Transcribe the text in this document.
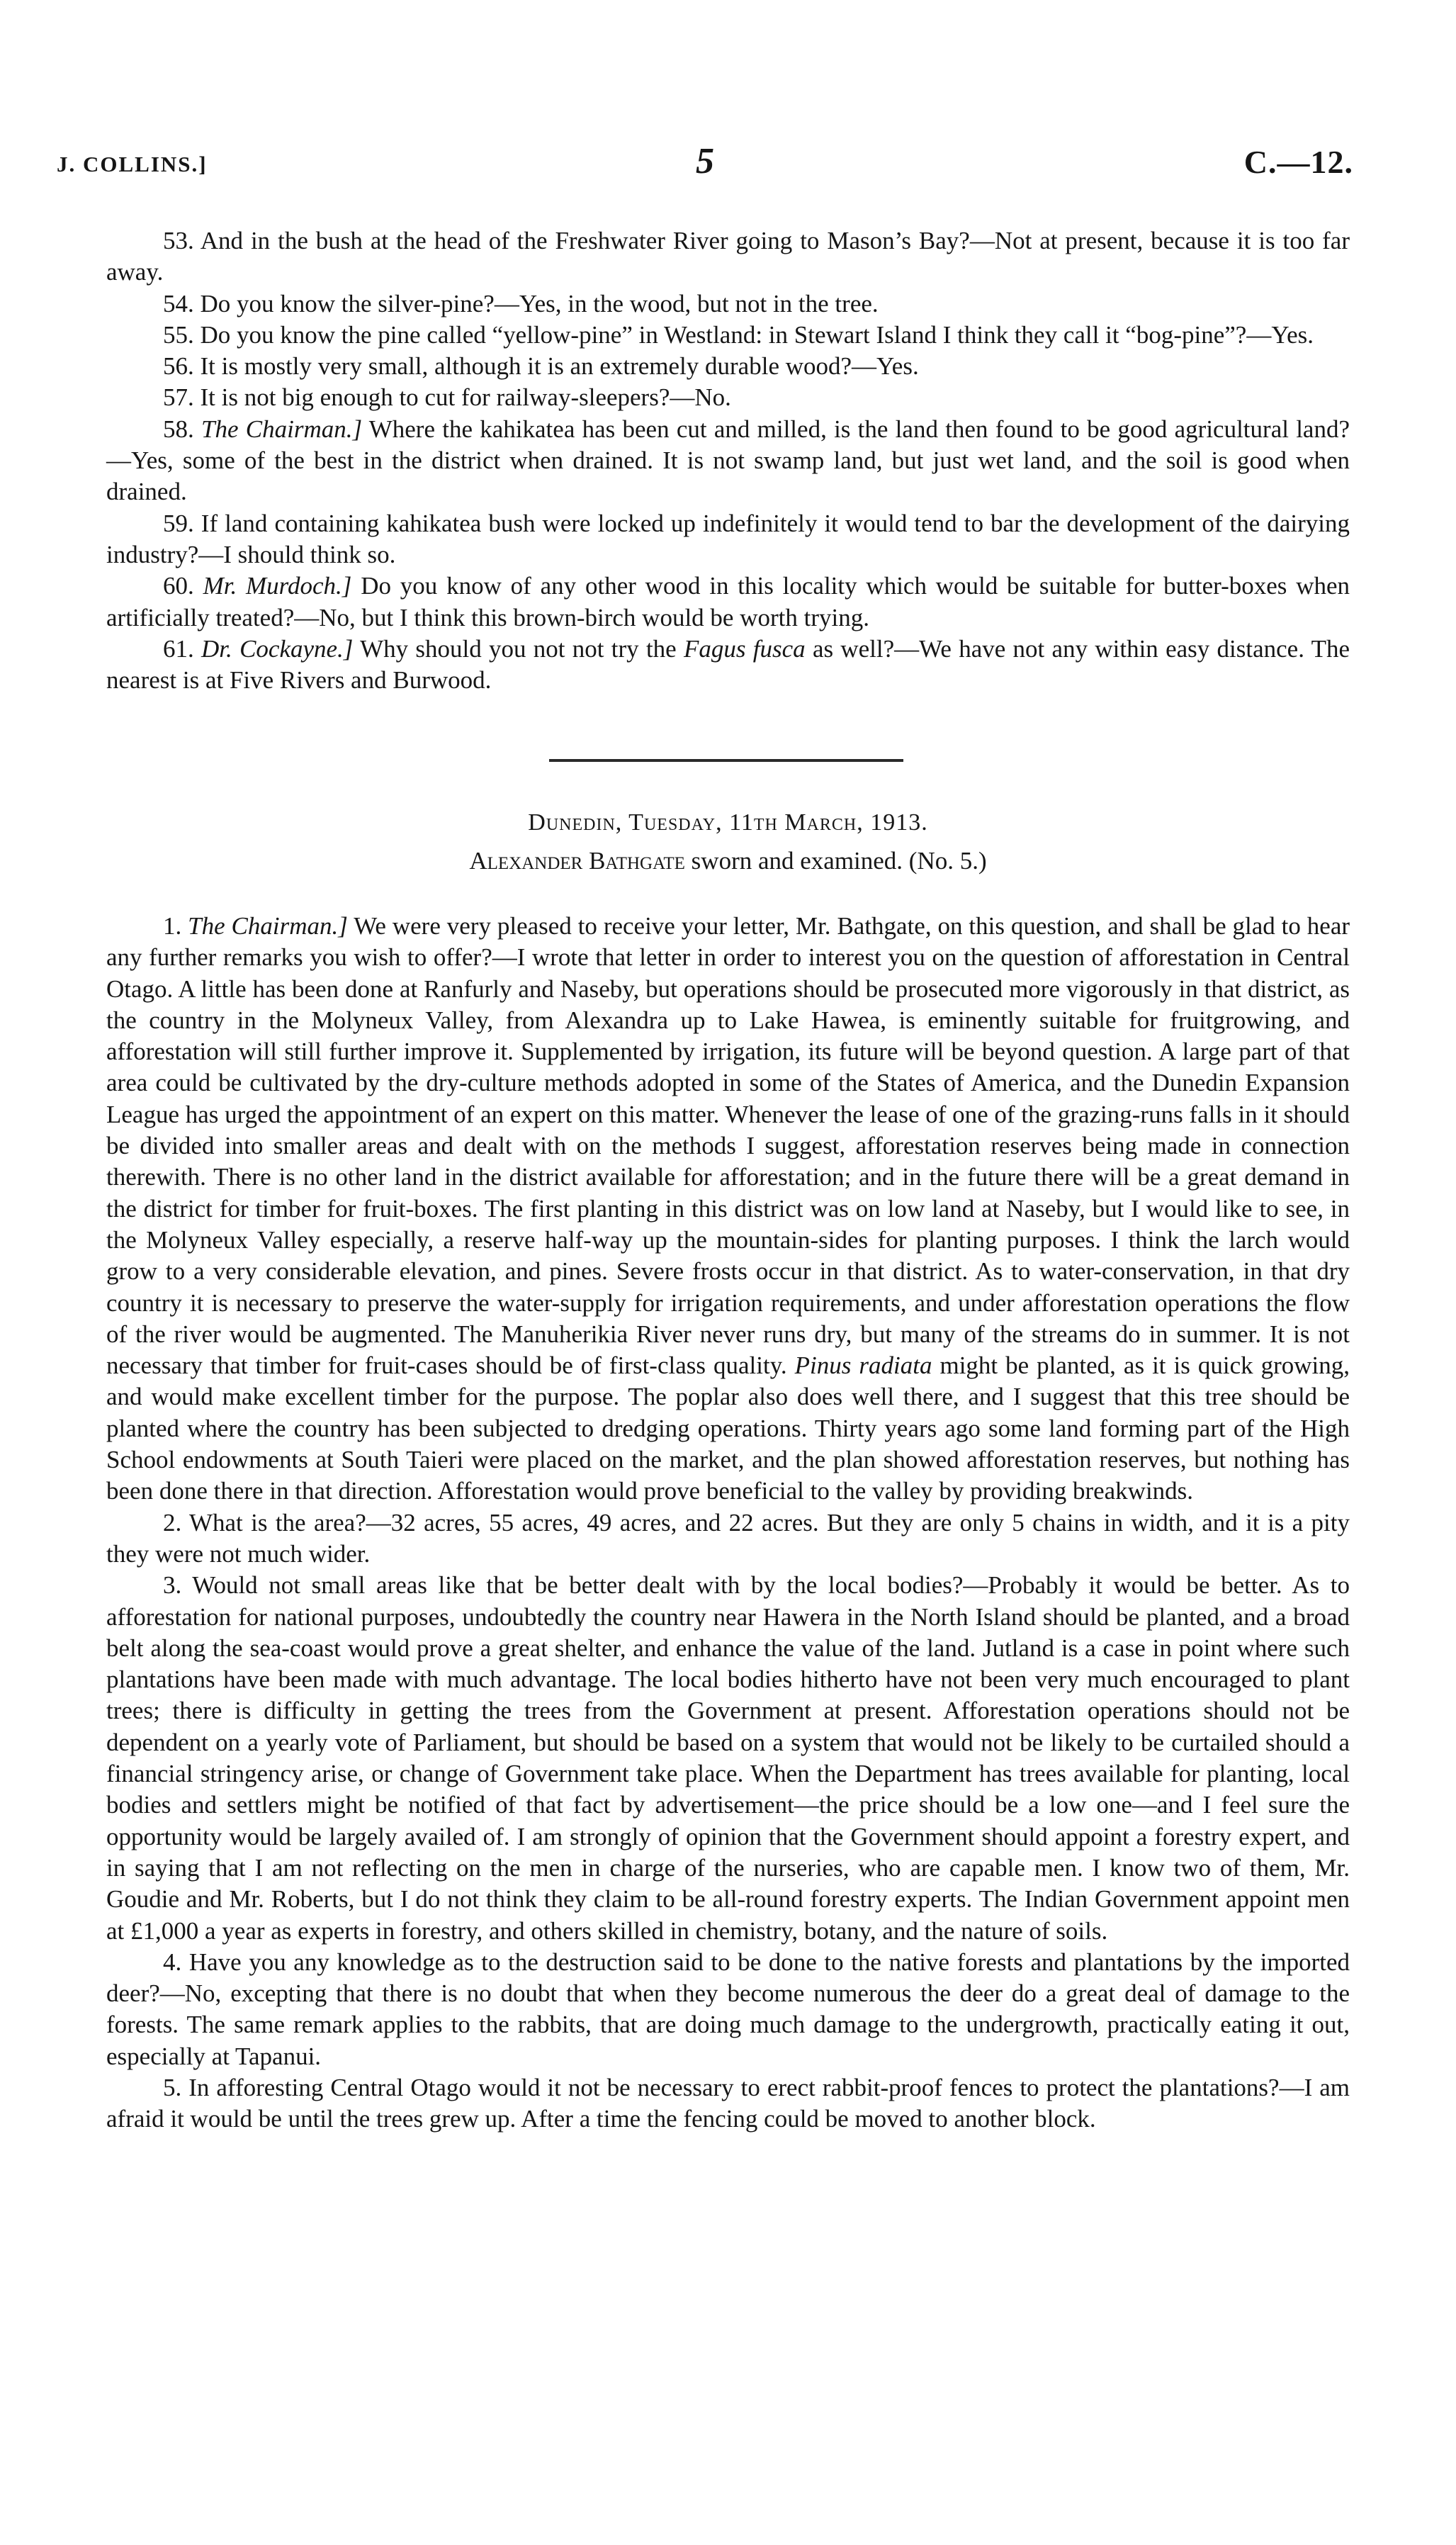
J. COLLINS.]	5	C.—12.

53. And in the bush at the head of the Freshwater River going to Mason’s Bay?—Not at present, because it is too far away.

54. Do you know the silver-pine?—Yes, in the wood, but not in the tree.

55. Do you know the pine called “yellow-pine” in Westland: in Stewart Island I think they call it “bog-pine”?—Yes.

56. It is mostly very small, although it is an extremely durable wood?—Yes.

57. It is not big enough to cut for railway-sleepers?—No.

58. The Chairman.] Where the kahikatea has been cut and milled, is the land then found to be good agricultural land?—Yes, some of the best in the district when drained. It is not swamp land, but just wet land, and the soil is good when drained.

59. If land containing kahikatea bush were locked up indefinitely it would tend to bar the development of the dairying industry?—I should think so.

60. Mr. Murdoch.] Do you know of any other wood in this locality which would be suitable for butter-boxes when artificially treated?—No, but I think this brown-birch would be worth trying.

61. Dr. Cockayne.] Why should you not not try the Fagus fusca as well?—We have not any within easy distance. The nearest is at Five Rivers and Burwood.

Dunedin, Tuesday, 11th March, 1913.
Alexander Bathgate sworn and examined. (No. 5.)

1. The Chairman.] We were very pleased to receive your letter, Mr. Bathgate, on this question, and shall be glad to hear any further remarks you wish to offer?—I wrote that letter in order to interest you on the question of afforestation in Central Otago. A little has been done at Ranfurly and Naseby, but operations should be prosecuted more vigorously in that district, as the country in the Molyneux Valley, from Alexandra up to Lake Hawea, is eminently suitable for fruitgrowing, and afforestation will still further improve it. Supplemented by irrigation, its future will be beyond question. A large part of that area could be cultivated by the dry-culture methods adopted in some of the States of America, and the Dunedin Expansion League has urged the appointment of an expert on this matter. Whenever the lease of one of the grazing-runs falls in it should be divided into smaller areas and dealt with on the methods I suggest, afforestation reserves being made in connection therewith. There is no other land in the district available for afforestation; and in the future there will be a great demand in the district for timber for fruit-boxes. The first planting in this district was on low land at Naseby, but I would like to see, in the Molyneux Valley especially, a reserve half-way up the mountain-sides for planting purposes. I think the larch would grow to a very considerable elevation, and pines. Severe frosts occur in that district. As to water-conservation, in that dry country it is necessary to preserve the water-supply for irrigation requirements, and under afforestation operations the flow of the river would be augmented. The Manuherikia River never runs dry, but many of the streams do in summer. It is not necessary that timber for fruit-cases should be of first-class quality. Pinus radiata might be planted, as it is quick growing, and would make excellent timber for the purpose. The poplar also does well there, and I suggest that this tree should be planted where the country has been subjected to dredging operations. Thirty years ago some land forming part of the High School endowments at South Taieri were placed on the market, and the plan showed afforestation reserves, but nothing has been done there in that direction. Afforestation would prove beneficial to the valley by providing breakwinds.

2. What is the area?—32 acres, 55 acres, 49 acres, and 22 acres. But they are only 5 chains in width, and it is a pity they were not much wider.

3. Would not small areas like that be better dealt with by the local bodies?—Probably it would be better. As to afforestation for national purposes, undoubtedly the country near Hawera in the North Island should be planted, and a broad belt along the sea-coast would prove a great shelter, and enhance the value of the land. Jutland is a case in point where such plantations have been made with much advantage. The local bodies hitherto have not been very much encouraged to plant trees; there is difficulty in getting the trees from the Government at present. Afforestation operations should not be dependent on a yearly vote of Parliament, but should be based on a system that would not be likely to be curtailed should a financial stringency arise, or change of Government take place. When the Department has trees available for planting, local bodies and settlers might be notified of that fact by advertisement—the price should be a low one—and I feel sure the opportunity would be largely availed of. I am strongly of opinion that the Government should appoint a forestry expert, and in saying that I am not reflecting on the men in charge of the nurseries, who are capable men. I know two of them, Mr. Goudie and Mr. Roberts, but I do not think they claim to be all-round forestry experts. The Indian Government appoint men at £1,000 a year as experts in forestry, and others skilled in chemistry, botany, and the nature of soils.

4. Have you any knowledge as to the destruction said to be done to the native forests and plantations by the imported deer?—No, excepting that there is no doubt that when they become numerous the deer do a great deal of damage to the forests. The same remark applies to the rabbits, that are doing much damage to the undergrowth, practically eating it out, especially at Tapanui.

5. In afforesting Central Otago would it not be necessary to erect rabbit-proof fences to protect the plantations?—I am afraid it would be until the trees grew up. After a time the fencing could be moved to another block.
